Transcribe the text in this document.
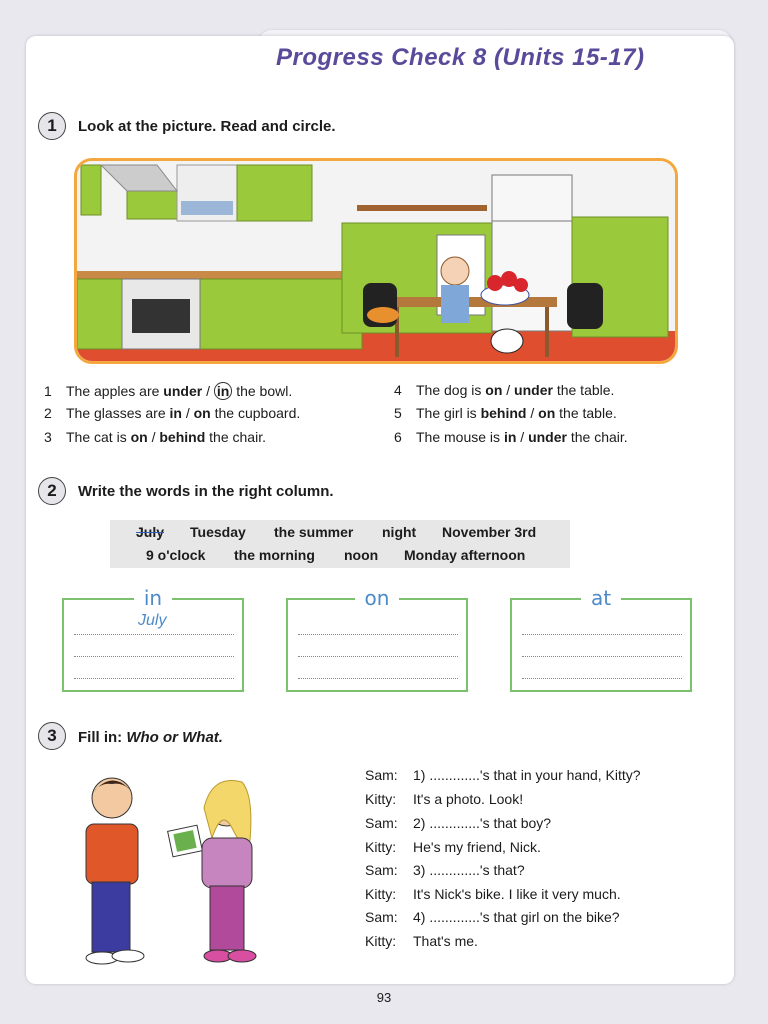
Progress Check 8 (Units 15-17)
1	Look at the picture. Read and circle.
1 The apples are under / in the bowl.
2 The glasses are in / on the cupboard.
3 The cat is on / behind the chair.
4 The dog is on / under the table.
5 The girl is behind / on the table.
6 The mouse is in / under the chair.
2	Write the words in the right column.
July Tuesday the summer night November 3rd
9 o'clock the morning noon Monday afternoon
in
July
on	at
3	Fill in: Who or What.
Sam: 1) .............'s that in your hand, Kitty?
Kitty: It's a photo. Look!
Sam: 2) .............'s that boy?
Kitty: He's my friend, Nick.
Sam: 3) .............'s that?
Kitty: It's Nick's bike. I like it very much.
Sam: 4) .............'s that girl on the bike?
Kitty: That's me.
93
